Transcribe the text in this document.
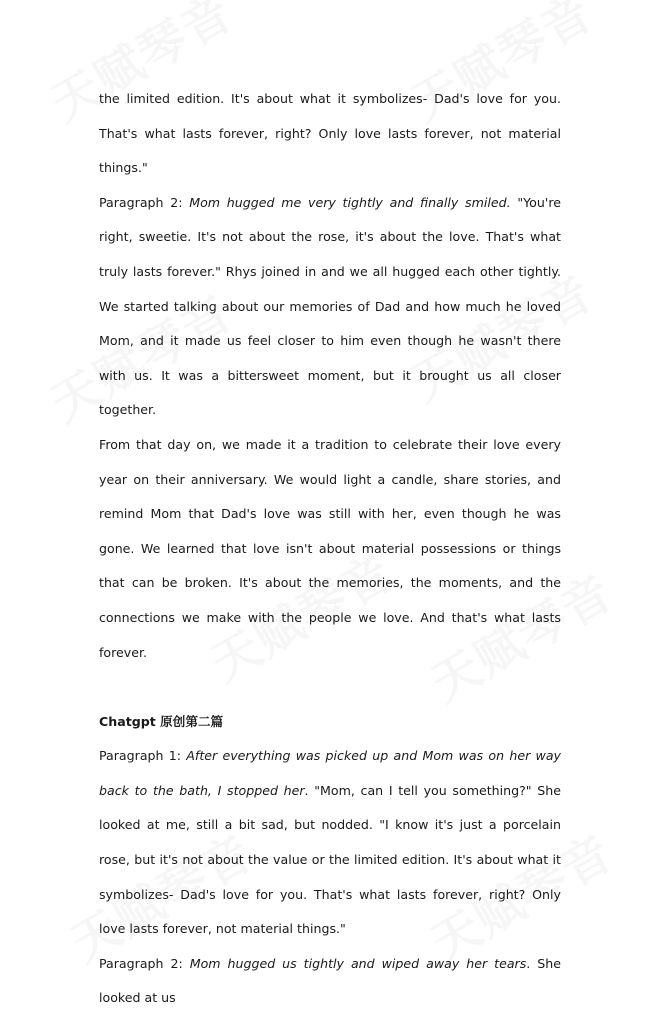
the limited edition. It's about what it symbolizes- Dad's love for you. That's what lasts forever, right? Only love lasts forever, not material things."

Paragraph 2: Mom hugged me very tightly and finally smiled. "You're right, sweetie. It's not about the rose, it's about the love. That's what truly lasts forever." Rhys joined in and we all hugged each other tightly. We started talking about our memories of Dad and how much he loved Mom, and it made us feel closer to him even though he wasn't there with us. It was a bittersweet moment, but it brought us all closer together.

From that day on, we made it a tradition to celebrate their love every year on their anniversary. We would light a candle, share stories, and remind Mom that Dad's love was still with her, even though he was gone. We learned that love isn't about material possessions or things that can be broken. It's about the memories, the moments, and the connections we make with the people we love. And that's what lasts forever.

Chatgpt 原创第二篇

Paragraph 1: After everything was picked up and Mom was on her way back to the bath, I stopped her. "Mom, can I tell you something?" She looked at me, still a bit sad, but nodded. "I know it's just a porcelain rose, but it's not about the value or the limited edition. It's about what it symbolizes- Dad's love for you. That's what lasts forever, right? Only love lasts forever, not material things."

Paragraph 2: Mom hugged us tightly and wiped away her tears. She looked at us
